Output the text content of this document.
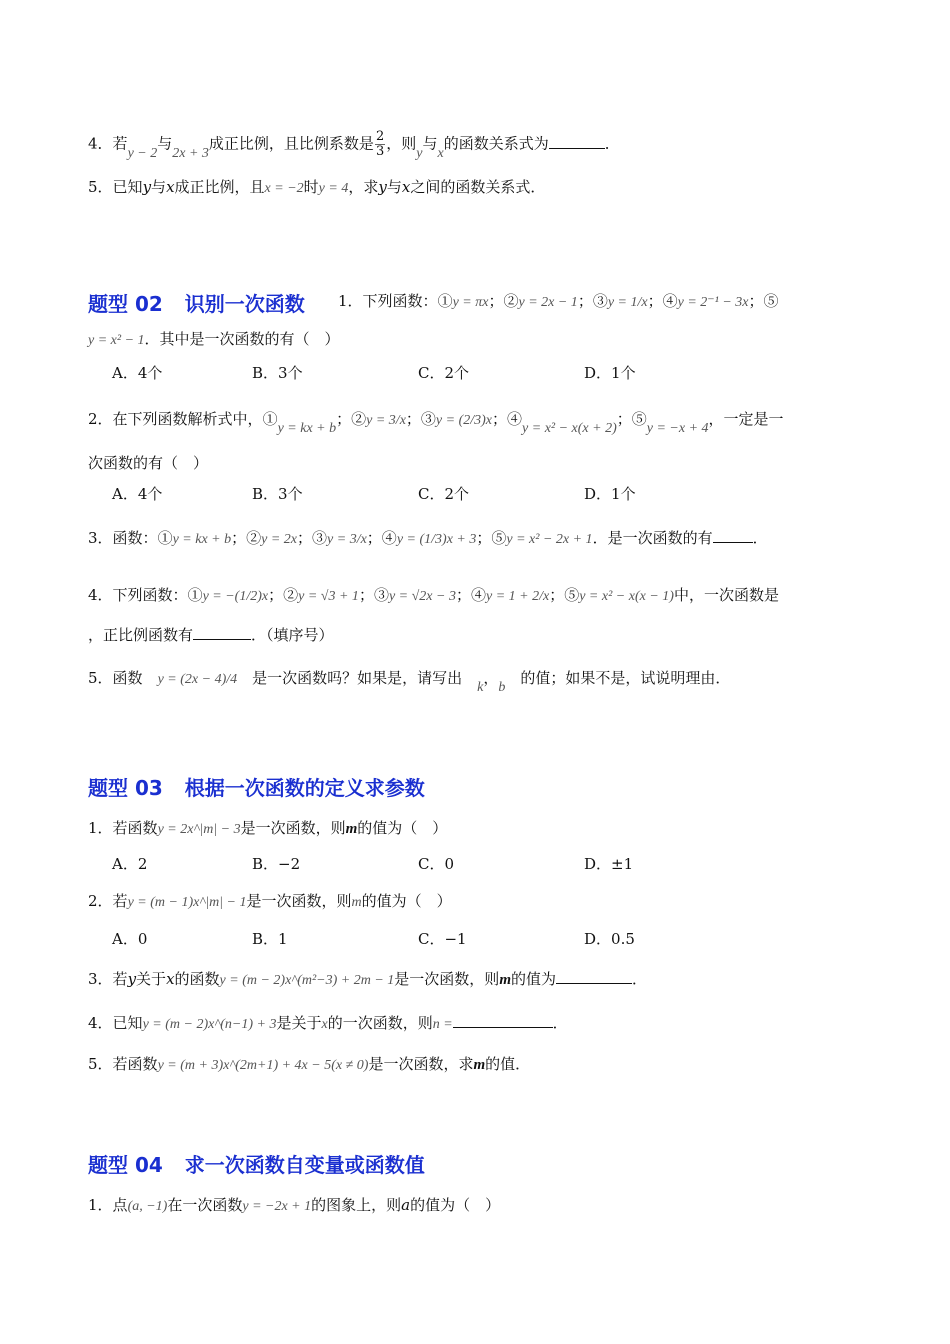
4．若y − 2与2x + 3成正比例，且比例系数是 $\frac{2}{3}$ ，则y与x的函数关系式为	．
5．已知y与x成正比例，且x = −2时y = 4，求y与x之间的函数关系式．
题型 02 识别一次函数 1．下列函数：①y = πx；②y = 2x − 1；③y = 1/x；④y = 2⁻¹ − 3x；⑤
y = x² − 1．其中是一次函数的有（　）
A．4个	B．3个	C．2个	D．1个
2．在下列函数解析式中，①y = kx + b；②y = 3/x；③y = (2/3)x；④y = x² − x(x + 2)；⑤y = −x + 4，一定是一
次函数的有（　）
A．4个	B．3个	C．2个	D．1个
3．函数：①y = kx + b；②y = 2x；③y = 3/x；④y = (1/3)x + 3；⑤y = x² − 2x + 1．是一次函数的有	．
4．下列函数：①y = −(1/2)x；②y = √3 + 1；③y = √2x − 3；④y = 1 + 2/x；⑤y = x² − x(x − 1)中，一次函数是
，正比例函数有	．（填序号）
5．函数　 y = (2x − 4)/4　 是一次函数吗？如果是，请写出　k，b　的值；如果不是，试说明理由．
题型 03 根据一次函数的定义求参数
1．若函数y = 2x^|m| − 3是一次函数，则m的值为（　）
A．2	B．−2	C．0	D．±1
2．若y = (m − 1)x^|m| − 1是一次函数，则m的值为（　）
A．0	B．1	C．−1	D．0.5
3．若y关于x的函数y = (m − 2)x^(m²−3) + 2m − 1是一次函数，则m的值为	．
4．已知y = (m − 2)x^(n−1) + 3是关于x的一次函数，则n =	．
5．若函数y = (m + 3)x^(2m+1) + 4x − 5(x ≠ 0)是一次函数，求m的值．
题型 04 求一次函数自变量或函数值
1．点(a, −1)在一次函数y = −2x + 1的图象上，则a的值为（　）
